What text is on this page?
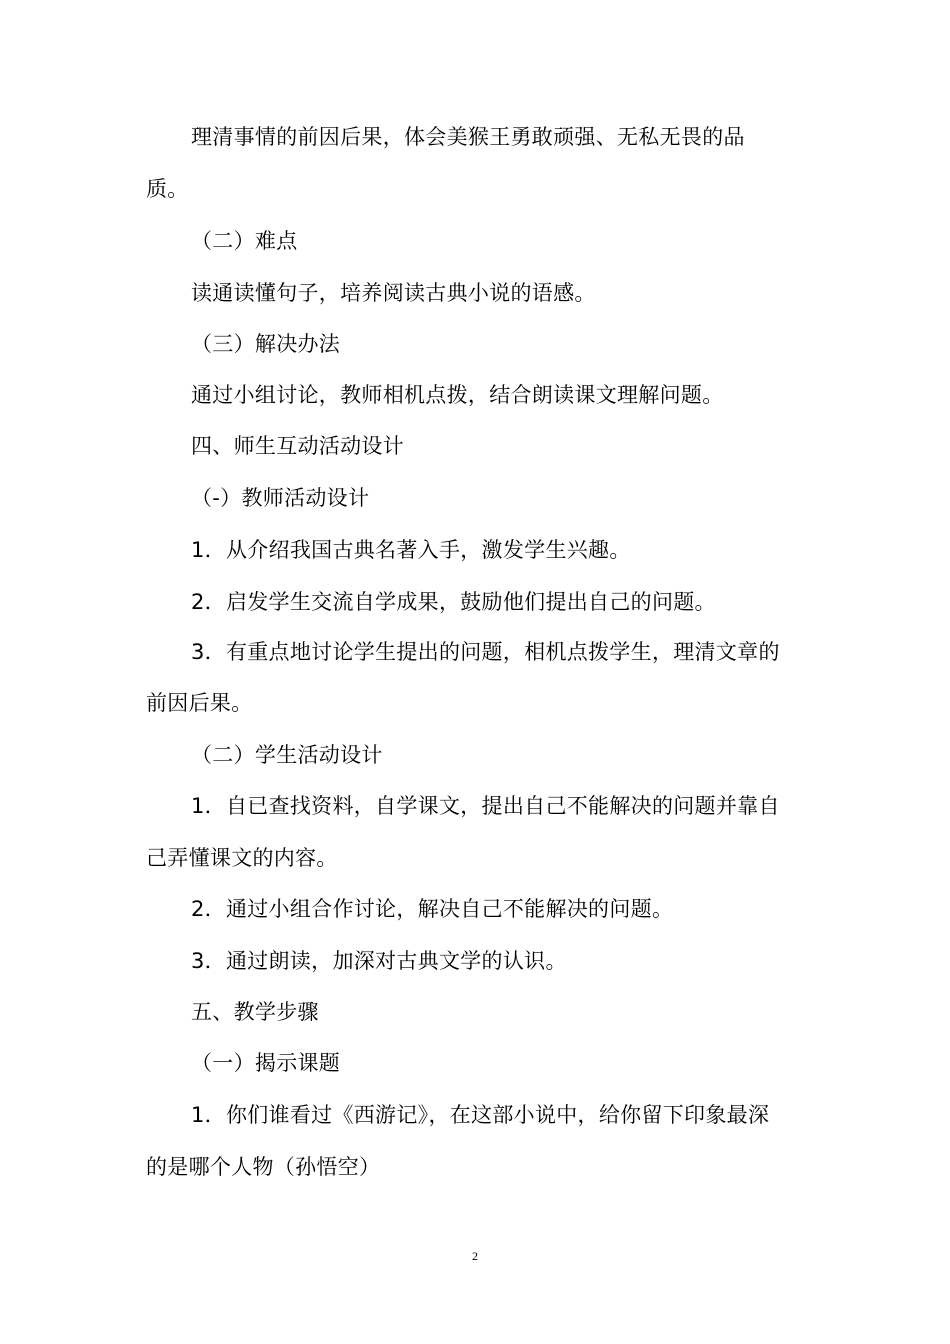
理清事情的前因后果，体会美猴王勇敢顽强、无私无畏的品
质。
（二）难点
读通读懂句子，培养阅读古典小说的语感。
（三）解决办法
通过小组讨论，教师相机点拨，结合朗读课文理解问题。
四、师生互动活动设计
（-）教师活动设计
1．从介绍我国古典名著入手，激发学生兴趣。
2．启发学生交流自学成果，鼓励他们提出自己的问题。
3．有重点地讨论学生提出的问题，相机点拨学生，理清文章的
前因后果。
（二）学生活动设计
1．自已查找资料，自学课文，提出自己不能解决的问题并靠自
己弄懂课文的内容。
2．通过小组合作讨论，解决自己不能解决的问题。
3．通过朗读，加深对古典文学的认识。
五、教学步骤
（一）揭示课题
1．你们谁看过《西游记》，在这部小说中，给你留下印象最深
的是哪个人物（孙悟空）
2
